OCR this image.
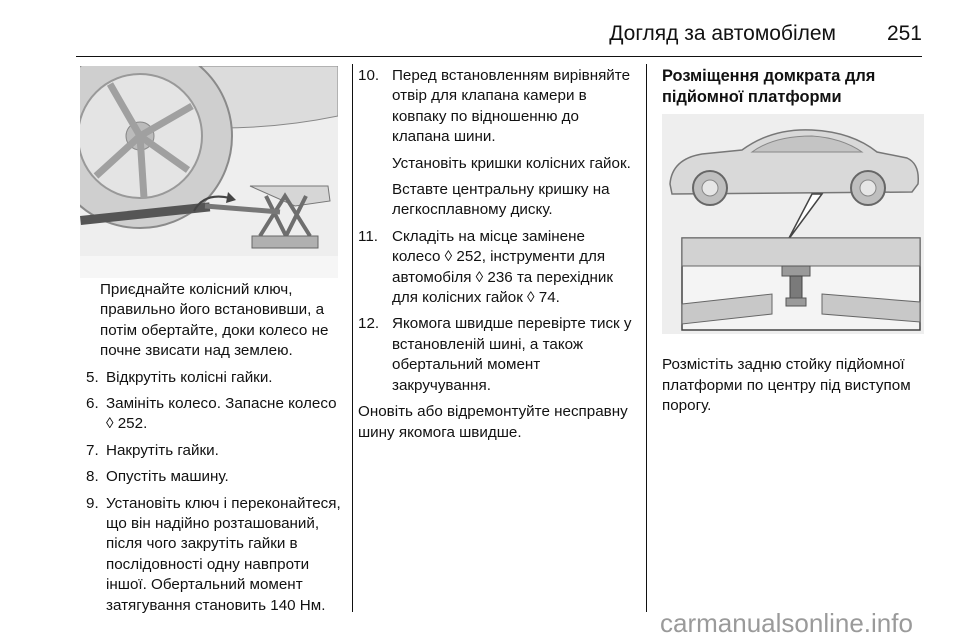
Догляд за автомобілем 251

Приєднайте колісний ключ, правильно його встановивши, а потім обертайте, доки колесо не почне звисати над землею.

5. Відкрутіть колісні гайки.
6. Замініть колесо. Запасне колесо ◊ 252.
7. Накрутіть гайки.
8. Опустіть машину.
9. Установіть ключ і переконайтеся, що він надійно розташований, після чого закрутіть гайки в послідовності одну навпроти іншої. Обертальний момент затягування становить 140 Нм.
10. Перед встановленням вирівняйте отвір для клапана камери в ковпаку по відношенню до клапана шини.

Установіть кришки колісних гайок.

Вставте центральну кришку на легкосплавному диску.

11. Складіть на місце замінене колесо ◊ 252, інструменти для автомобіля ◊ 236 та перехідник для колісних гайок ◊ 74.
12. Якомога швидше перевірте тиск у встановленій шині, а також обертальний момент закручування.

Оновіть або відремонтуйте несправну шину якомога швидше.

Розміщення домкрата для підйомної платформи

Розмістіть задню стойку підйомної платформи по центру під виступом порогу.

carmanualsonline.info
